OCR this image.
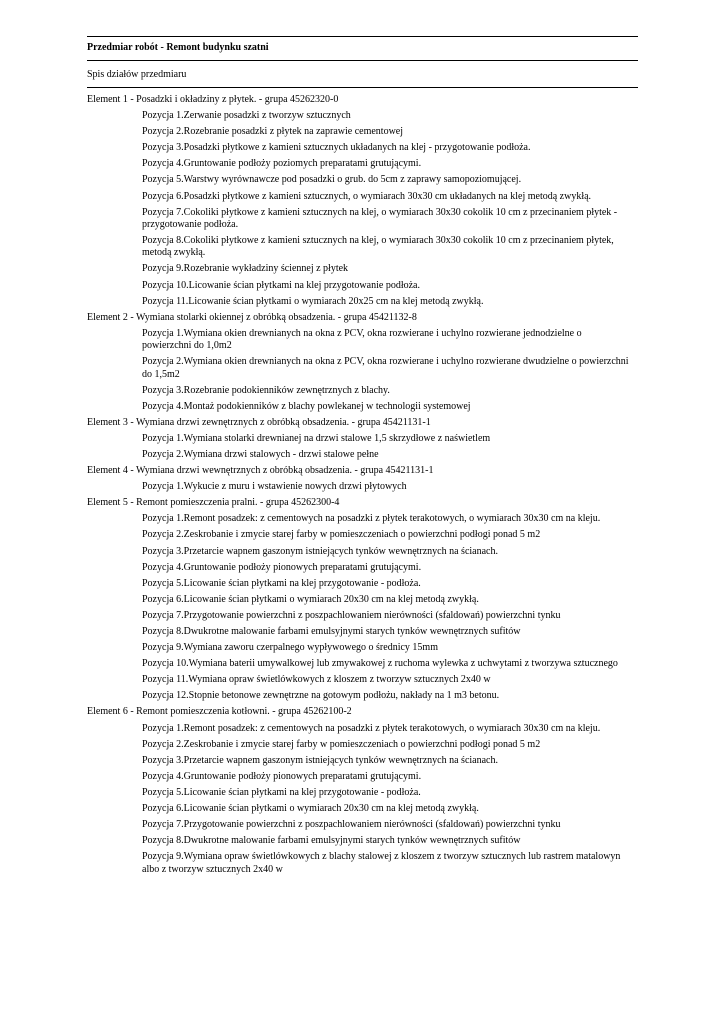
Przedmiar robót - Remont budynku szatni
Spis działów przedmiaru
Element 1 - Posadzki i okładziny z płytek. - grupa 45262320-0
Pozycja 1.Zerwanie posadzki z tworzyw sztucznych
Pozycja 2.Rozebranie posadzki z płytek na zaprawie cementowej
Pozycja 3.Posadzki płytkowe z kamieni sztucznych układanych na klej - przygotowanie podłoża.
Pozycja 4.Gruntowanie podłoży poziomych preparatami grutującymi.
Pozycja 5.Warstwy wyrównawcze pod posadzki o grub. do 5cm z zaprawy samopoziomującej.
Pozycja 6.Posadzki płytkowe z kamieni sztucznych, o wymiarach 30x30 cm układanych na klej metodą zwykłą.
Pozycja 7.Cokoliki płytkowe z kamieni sztucznych na klej, o wymiarach 30x30 cokolik 10 cm z przecinaniem płytek - przygotowanie podłoża.
Pozycja 8.Cokoliki płytkowe z kamieni sztucznych na klej, o wymiarach 30x30 cokolik 10 cm z przecinaniem płytek, metodą zwykłą.
Pozycja 9.Rozebranie wykładziny ściennej z płytek
Pozycja 10.Licowanie ścian płytkami na klej przygotowanie podłoża.
Pozycja 11.Licowanie ścian płytkami o wymiarach 20x25 cm na klej metodą zwykłą.
Element 2 - Wymiana stolarki okiennej z obróbką obsadzenia. - grupa 45421132-8
Pozycja 1.Wymiana okien drewnianych na okna z PCV, okna rozwierane i uchylno rozwierane jednodzielne o powierzchni do 1,0m2
Pozycja 2.Wymiana okien drewnianych na okna z PCV, okna rozwierane i uchylno rozwierane dwudzielne o powierzchni do 1,5m2
Pozycja 3.Rozebranie podokienników zewnętrznych z blachy.
Pozycja 4.Montaż podokienników z blachy powlekanej w technologii systemowej
Element 3 - Wymiana drzwi zewnętrznych z obróbką obsadzenia. - grupa 45421131-1
Pozycja 1.Wymiana stolarki drewnianej na drzwi stalowe 1,5 skrzydłowe z naświetlem
Pozycja 2.Wymiana drzwi stalowych - drzwi stalowe pełne
Element 4 - Wymiana drzwi wewnętrznych z obróbką obsadzenia. - grupa 45421131-1
Pozycja 1.Wykucie z muru i wstawienie nowych drzwi płytowych
Element 5 - Remont pomieszczenia pralni. - grupa 45262300-4
Pozycja 1.Remont posadzek: z cementowych na posadzki z płytek terakotowych, o wymiarach 30x30 cm na kleju.
Pozycja 2.Zeskrobanie i zmycie starej farby w pomieszczeniach o powierzchni podłogi ponad 5 m2
Pozycja 3.Przetarcie wapnem gaszonym istniejących tynków wewnętrznych na ścianach.
Pozycja 4.Gruntowanie podłoży pionowych preparatami grutującymi.
Pozycja 5.Licowanie ścian płytkami na klej przygotowanie - podłoża.
Pozycja 6.Licowanie ścian płytkami o wymiarach 20x30 cm na klej metodą zwykłą.
Pozycja 7.Przygotowanie powierzchni z poszpachlowaniem nierówności (sfaldowań) powierzchni tynku
Pozycja 8.Dwukrotne malowanie farbami emulsyjnymi starych tynków wewnętrznych sufitów
Pozycja 9.Wymiana zaworu czerpalnego wypływowego o średnicy 15mm
Pozycja 10.Wymiana baterii umywalkowej lub zmywakowej z ruchoma wylewka z uchwytami z tworzywa sztucznego
Pozycja 11.Wymiana opraw świetlówkowych z kloszem z tworzyw sztucznych 2x40 w
Pozycja 12.Stopnie betonowe zewnętrzne na gotowym podłożu, nakłady na 1 m3 betonu.
Element 6 - Remont pomieszczenia kotłowni. - grupa 45262100-2
Pozycja 1.Remont posadzek: z cementowych na posadzki z płytek terakotowych, o wymiarach 30x30 cm na kleju.
Pozycja 2.Zeskrobanie i zmycie starej farby w pomieszczeniach o powierzchni podłogi ponad 5 m2
Pozycja 3.Przetarcie wapnem gaszonym istniejących tynków wewnętrznych na ścianach.
Pozycja 4.Gruntowanie podłoży pionowych preparatami grutującymi.
Pozycja 5.Licowanie ścian płytkami na klej przygotowanie - podłoża.
Pozycja 6.Licowanie ścian płytkami o wymiarach 20x30 cm na klej metodą zwykłą.
Pozycja 7.Przygotowanie powierzchni z poszpachlowaniem nierówności (sfaldowań) powierzchni tynku
Pozycja 8.Dwukrotne malowanie farbami emulsyjnymi starych tynków wewnętrznych sufitów
Pozycja 9.Wymiana opraw świetlówkowych z blachy stalowej z kloszem z tworzyw sztucznych lub rastrem matalowyn albo z tworzyw sztucznych 2x40 w
